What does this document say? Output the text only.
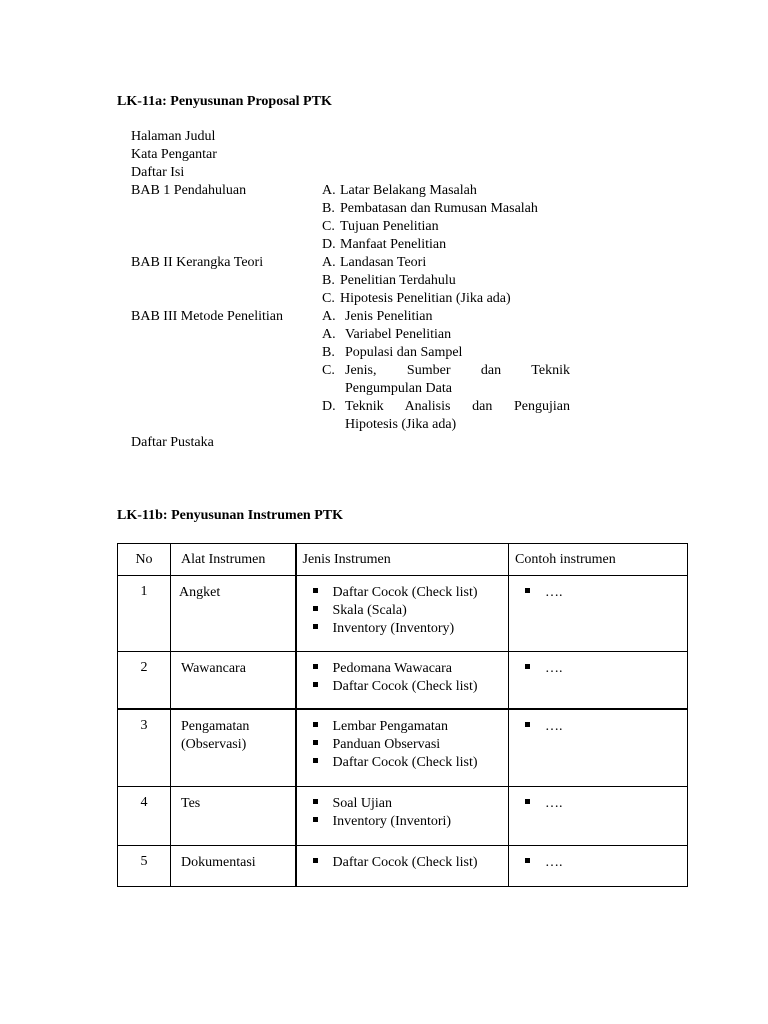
LK-11a: Penyusunan Proposal PTK
Halaman Judul
Kata Pengantar
Daftar Isi
BAB 1 Pendahuluan	A. Latar Belakang Masalah
B. Pembatasan dan Rumusan Masalah
C. Tujuan Penelitian
D. Manfaat Penelitian
BAB II Kerangka Teori	A. Landasan Teori
B. Penelitian Terdahulu
C. Hipotesis Penelitian (Jika ada)
BAB III Metode Penelitian	A. Jenis Penelitian
A. Variabel Penelitian
B. Populasi dan Sampel
C. Jenis, Sumber dan Teknik
Pengumpulan Data
D. Teknik Analisis dan Pengujian
Hipotesis (Jika ada)
Daftar Pustaka
LK-11b: Penyusunan Instrumen PTK
No	Alat Instrumen	Jenis Instrumen	Contoh instrumen
1	Angket	Daftar Cocok (Check list)
Skala (Scala)
Inventory (Inventory)	….

2	Wawancara	Pedomana Wawacara
Daftar Cocok (Check list)	….

3	Pengamatan
(Observasi)	Lembar Pengamatan
Panduan Observasi
Daftar Cocok (Check list)	….

4	Tes	Soal Ujian
Inventory (Inventori)	….

5	Dokumentasi	Daftar Cocok (Check list)	….
